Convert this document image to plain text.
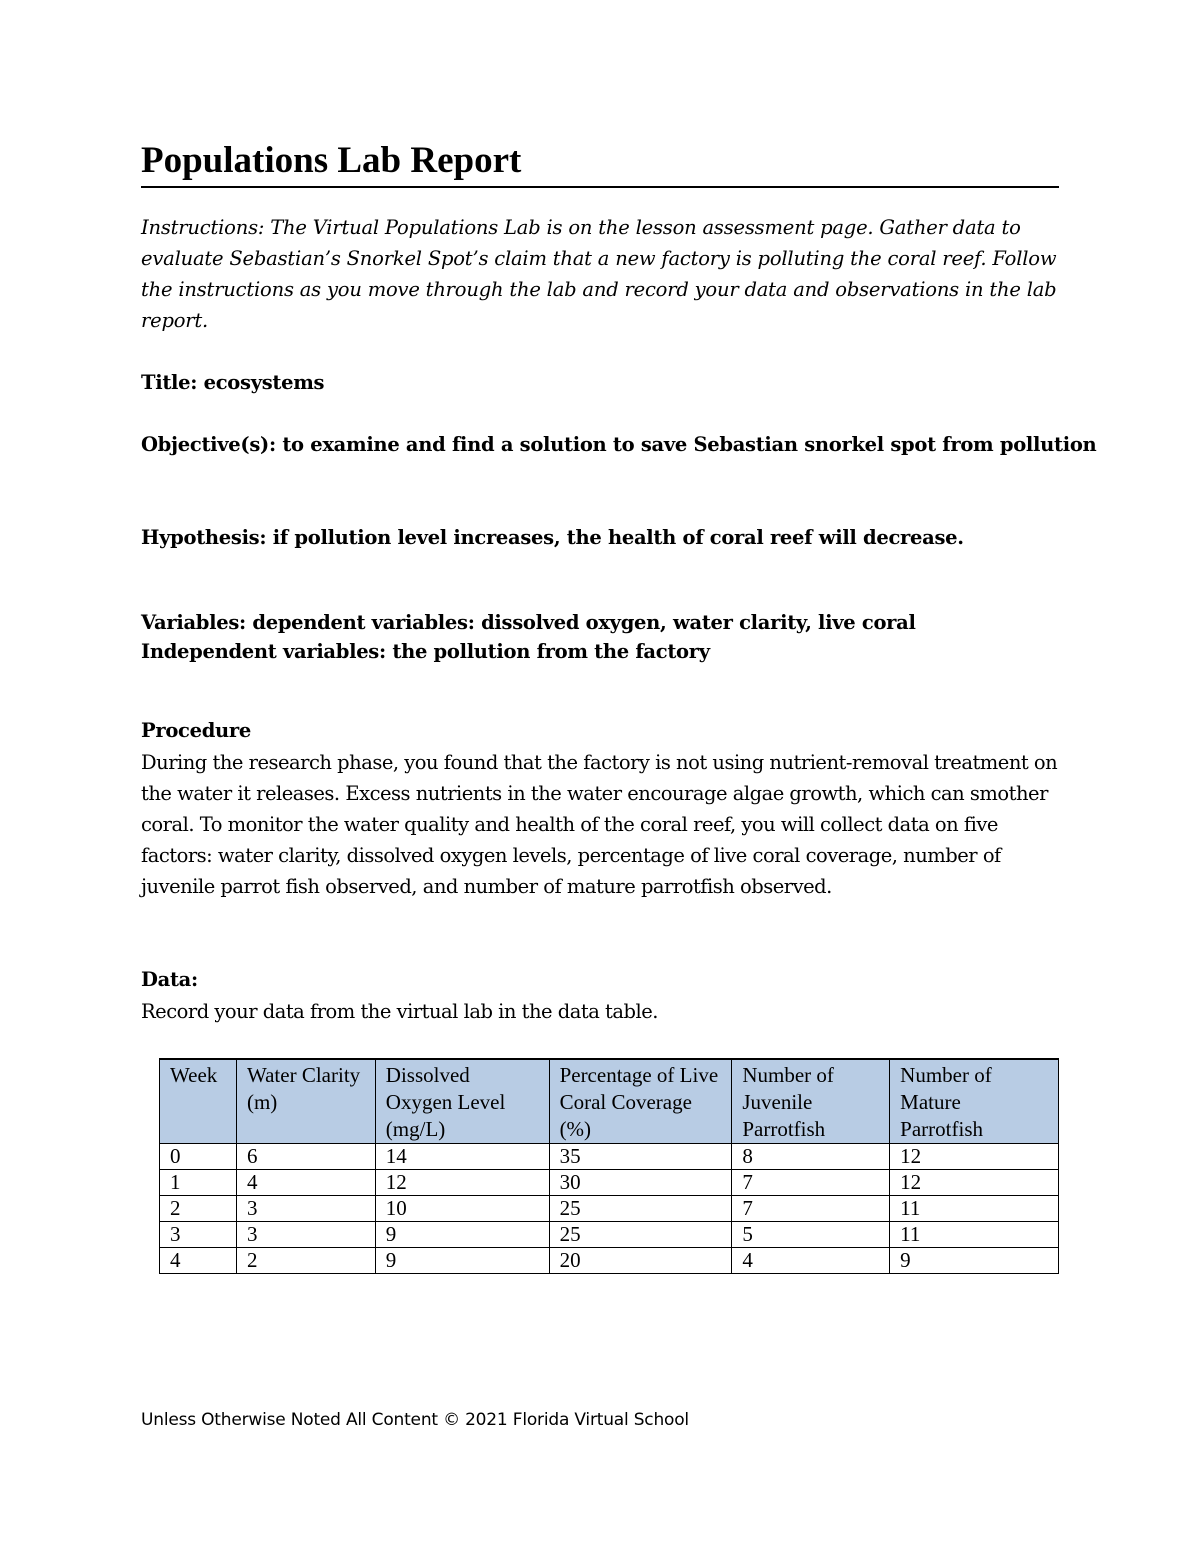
Populations Lab Report
Instructions: The Virtual Populations Lab is on the lesson assessment page. Gather data to evaluate Sebastian’s Snorkel Spot’s claim that a new factory is polluting the coral reef. Follow the instructions as you move through the lab and record your data and observations in the lab report.
Title: ecosystems
Objective(s): to examine and find a solution to save Sebastian snorkel spot from pollution
Hypothesis: if pollution level increases, the health of coral reef will decrease.
Variables: dependent variables: dissolved oxygen, water clarity, live coral
Independent variables: the pollution from the factory
Procedure
During the research phase, you found that the factory is not using nutrient-removal treatment on the water it releases. Excess nutrients in the water encourage algae growth, which can smother coral. To monitor the water quality and health of the coral reef, you will collect data on five factors: water clarity, dissolved oxygen levels, percentage of live coral coverage, number of juvenile parrot fish observed, and number of mature parrotfish observed.
Data:
Record your data from the virtual lab in the data table.
Week	Water Clarity (m)	Dissolved Oxygen Level (mg/L)	Percentage of Live Coral Coverage (%)	Number of Juvenile Parrotfish	Number of Mature Parrotfish
0	6	14	35	8	12
1	4	12	30	7	12
2	3	10	25	7	11
3	3	9	25	5	11
4	2	9	20	4	9
Unless Otherwise Noted All Content © 2021 Florida Virtual School
